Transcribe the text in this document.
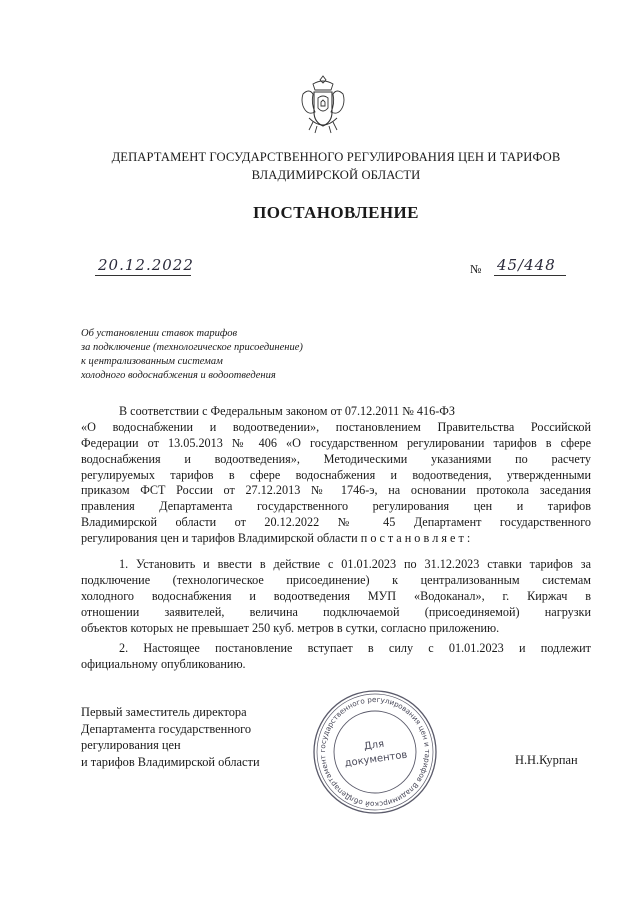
ДЕПАРТАМЕНТ ГОСУДАРСТВЕННОГО РЕГУЛИРОВАНИЯ ЦЕН И ТАРИФОВ
ВЛАДИМИРСКОЙ ОБЛАСТИ
ПОСТАНОВЛЕНИЕ
20.12.2022	№ 45/448
Об установлении ставок тарифов
за подключение (технологическое присоединение)
к централизованным системам
холодного водоснабжения и водоотведения
В соответствии с Федеральным законом от 07.12.2011 № 416-ФЗ
«О водоснабжении и водоотведении», постановлением Правительства Российской
Федерации от 13.05.2013 № 406 «О государственном регулировании тарифов в сфере
водоснабжения и водоотведения», Методическими указаниями по расчету
регулируемых тарифов в сфере водоснабжения и водоотведения, утвержденными
приказом ФСТ России от 27.12.2013 № 1746-э, на основании протокола заседания
правления Департамента государственного регулирования цен и тарифов
Владимирской области от 20.12.2022 № 45 Департамент государственного
регулирования цен и тарифов Владимирской области п о с т а н о в л я е т :
1. Установить и ввести в действие с 01.01.2023 по 31.12.2023 ставки тарифов за
подключение (технологическое присоединение) к централизованным системам
холодного водоснабжения и водоотведения МУП «Водоканал», г. Киржач в
отношении заявителей, величина подключаемой (присоединяемой) нагрузки
объектов которых не превышает 250 куб. метров в сутки, согласно приложению.
2. Настоящее постановление вступает в силу с 01.01.2023 и подлежит
официальному опубликованию.
Первый заместитель директора
Департамента государственного
регулирования цен
и тарифов Владимирской области
Департамент государственного регулирования цен и тарифов Владимирской области
Для
документов	Н.Н.Курпан
